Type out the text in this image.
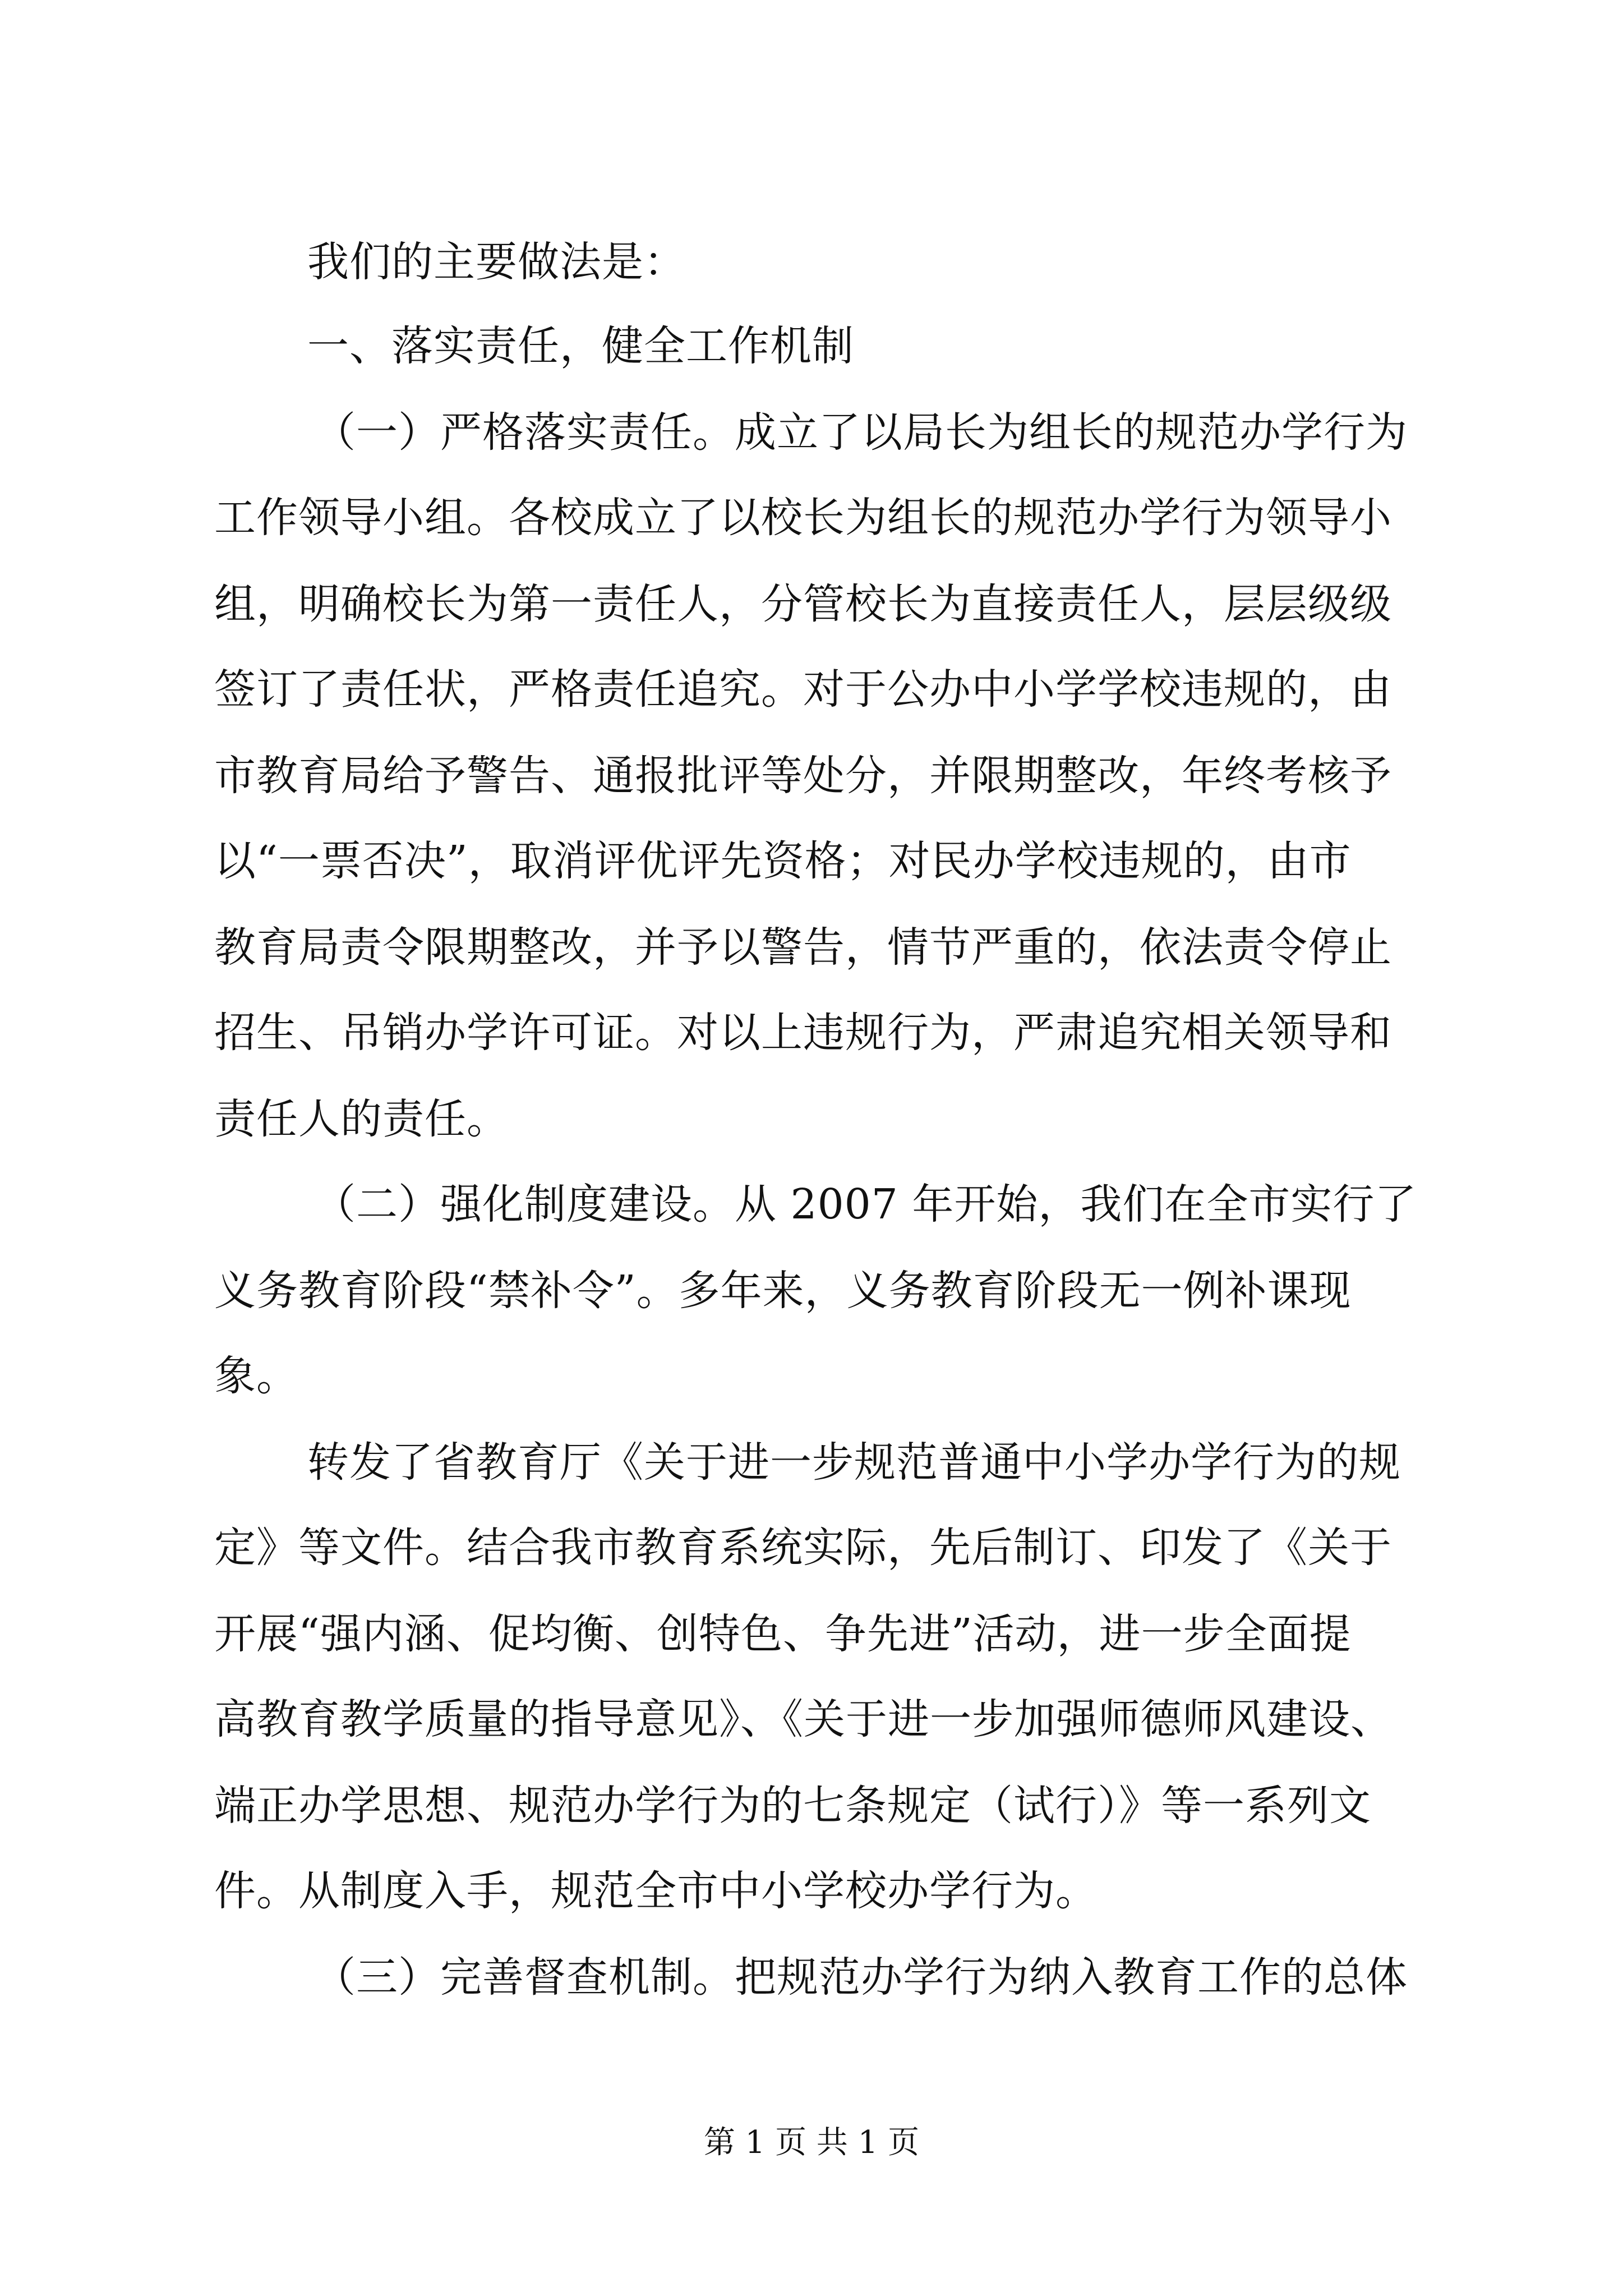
我们的主要做法是：
一、落实责任，健全工作机制
（一）严格落实责任。成立了以局长为组长的规范办学行为
工作领导小组。各校成立了以校长为组长的规范办学行为领导小
组，明确校长为第一责任人，分管校长为直接责任人，层层级级
签订了责任状，严格责任追究。对于公办中小学学校违规的，由
市教育局给予警告、通报批评等处分，并限期整改，年终考核予
以“一票否决”，取消评优评先资格；对民办学校违规的，由市
教育局责令限期整改，并予以警告，情节严重的，依法责令停止
招生、吊销办学许可证。对以上违规行为，严肃追究相关领导和
责任人的责任。
（二）强化制度建设。从 2007 年开始，我们在全市实行了
义务教育阶段“禁补令”。多年来，义务教育阶段无一例补课现
象。
转发了省教育厅《关于进一步规范普通中小学办学行为的规
定》等文件。结合我市教育系统实际，先后制订、印发了《关于
开展“强内涵、促均衡、创特色、争先进”活动，进一步全面提
高教育教学质量的指导意见》、《关于进一步加强师德师风建设、
端正办学思想、规范办学行为的七条规定（试行）》等一系列文
件。从制度入手，规范全市中小学校办学行为。
（三）完善督查机制。把规范办学行为纳入教育工作的总体
第 1 页 共 1 页
